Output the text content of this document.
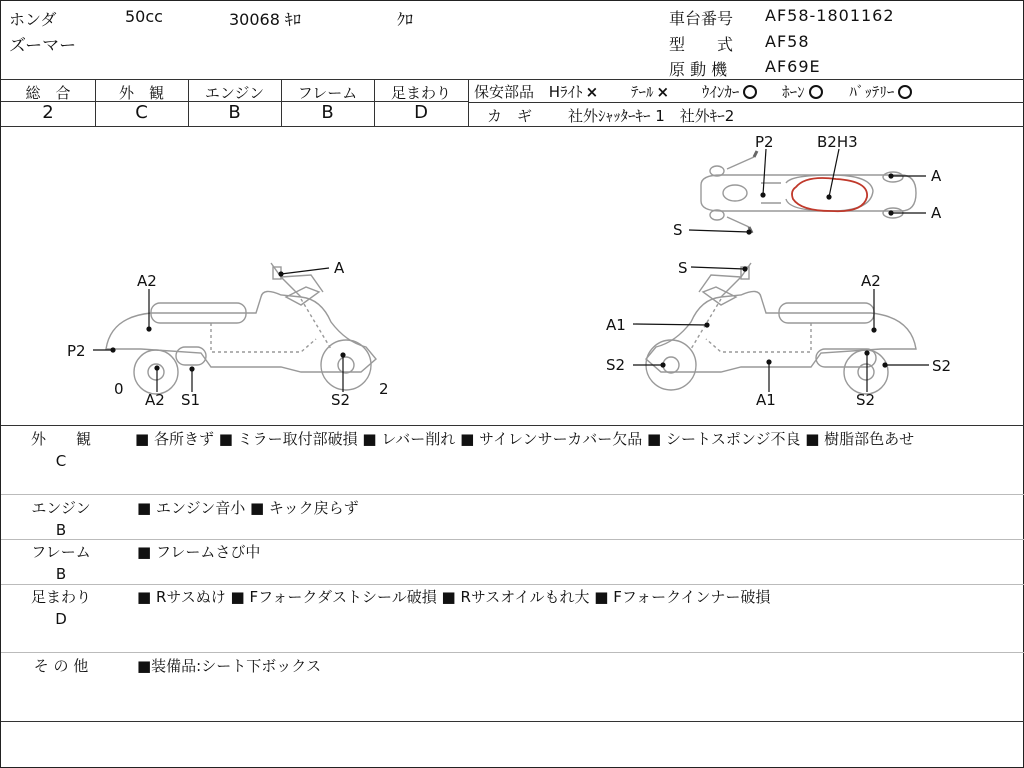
ホンダ	50cc	30068 ｷﾛ	ｸﾛ
ズーマー
車台番号 AF58-1801162
型　　式 AF58
原 動 機 AF69E
総　合	外　観	エンジン	フレーム	足まわり
2	C	B	B	D
保安部品 Hﾗｲﾄ × ﾃｰﾙ × ｳｲﾝｶｰ	ﾎｰﾝ	ﾊﾞｯﾃﾘｰ
カ　ギ 社外ｼｬｯﾀｰｷｰ 1　社外ｷｰ2
P2	B2H3
A
A
S
A
A2
P2
0
A2 S1	S2
2
S
A2
A1
S2
A1	S2
S2
外　　観
C
■ 各所きず ■ ミラー取付部破損 ■ レバー削れ ■ サイレンサーカバー欠品 ■ シートスポンジ不良 ■ 樹脂部色あせ
エンジン
B
■ エンジン音小 ■ キック戻らず
フレーム
B
■ フレームさび中
足まわり
D
■ Rサスぬけ ■ Fフォークダストシール破損 ■ Rサスオイルもれ大 ■ Fフォークインナー破損
そ の 他	■装備品:シート下ボックス
